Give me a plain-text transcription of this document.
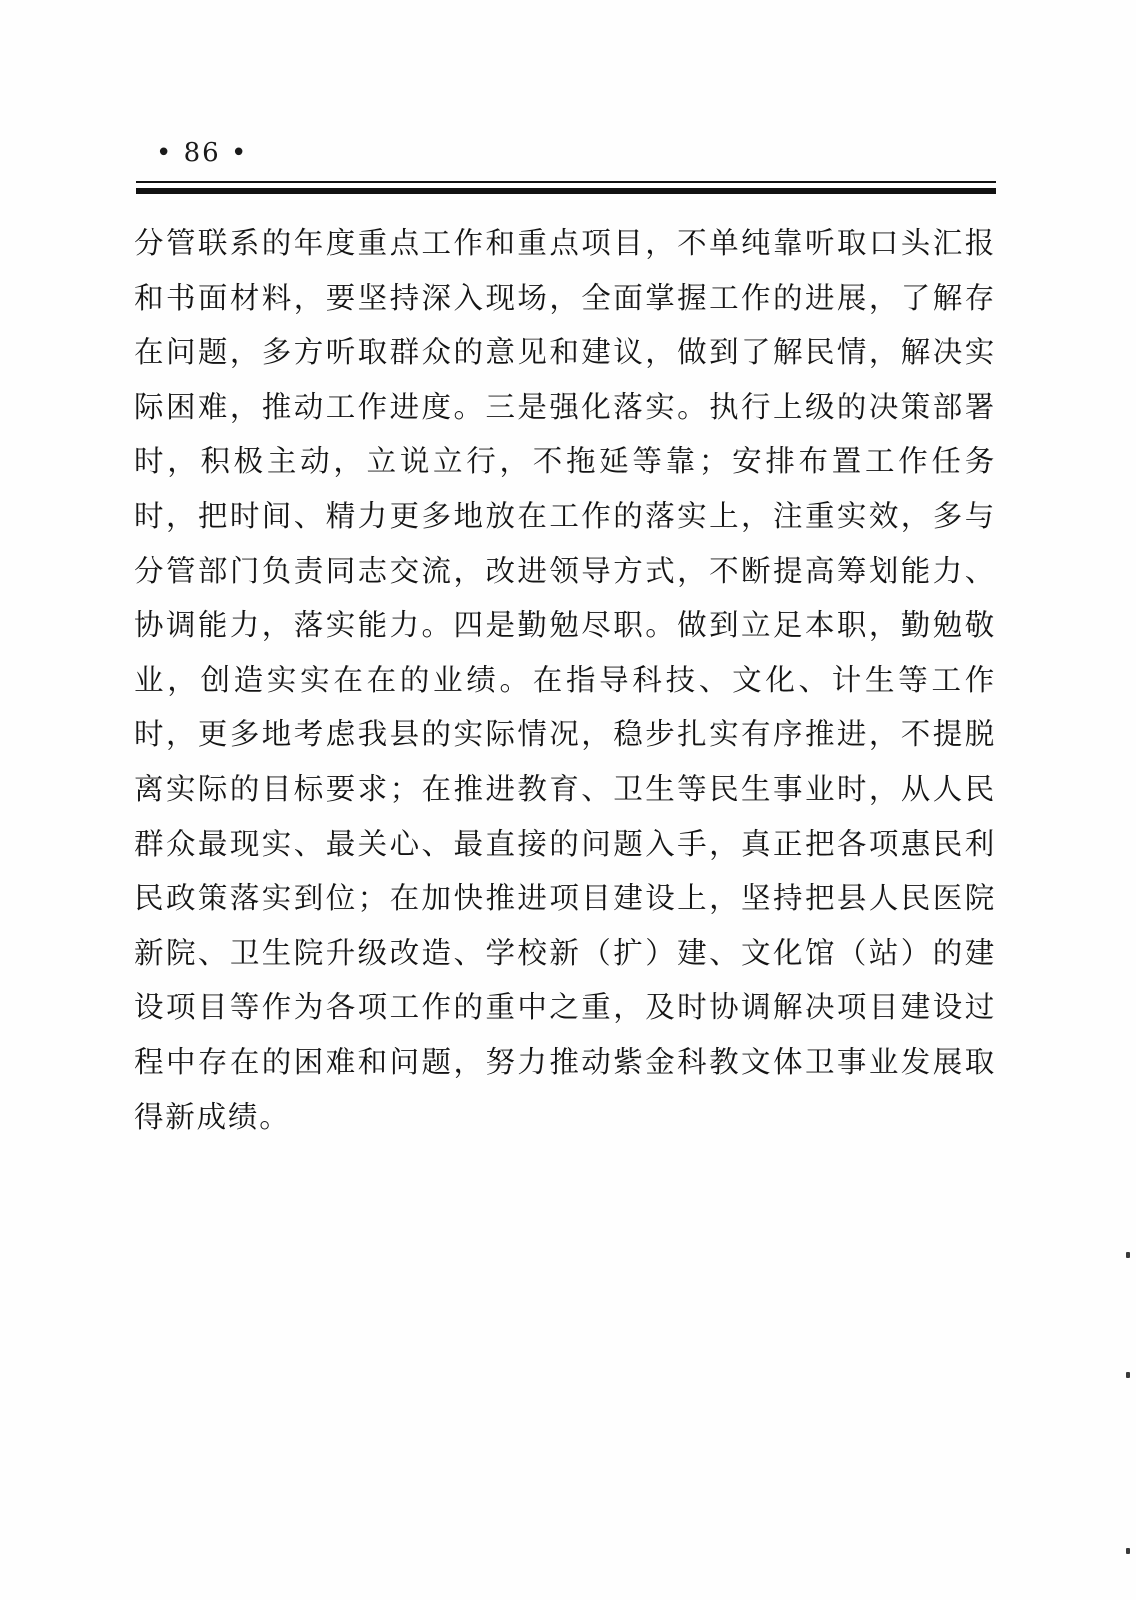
• 86 •

分管联系的年度重点工作和重点项目，不单纯靠听取口头汇报和书面材料，要坚持深入现场，全面掌握工作的进展，了解存在问题，多方听取群众的意见和建议，做到了解民情，解决实际困难，推动工作进度。三是强化落实。执行上级的决策部署时，积极主动，立说立行，不拖延等靠；安排布置工作任务时，把时间、精力更多地放在工作的落实上，注重实效，多与分管部门负责同志交流，改进领导方式，不断提高筹划能力、协调能力，落实能力。四是勤勉尽职。做到立足本职，勤勉敬业，创造实实在在的业绩。在指导科技、文化、计生等工作时，更多地考虑我县的实际情况，稳步扎实有序推进，不提脱离实际的目标要求；在推进教育、卫生等民生事业时，从人民群众最现实、最关心、最直接的问题入手，真正把各项惠民利民政策落实到位；在加快推进项目建设上，坚持把县人民医院新院、卫生院升级改造、学校新（扩）建、文化馆（站）的建设项目等作为各项工作的重中之重，及时协调解决项目建设过程中存在的困难和问题，努力推动紫金科教文体卫事业发展取得新成绩。
